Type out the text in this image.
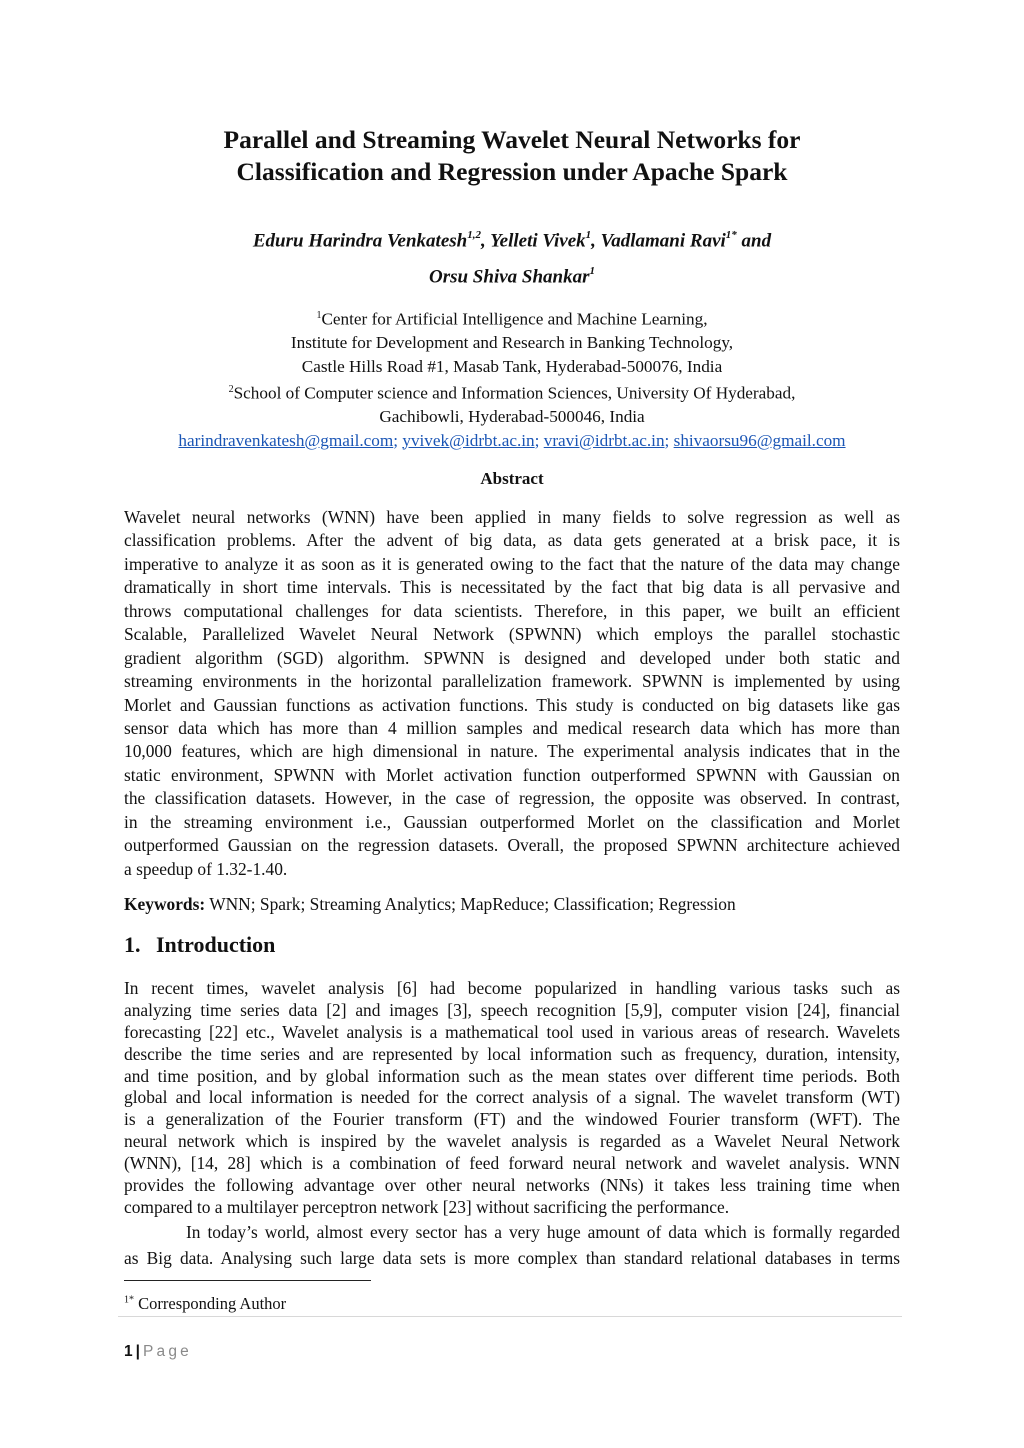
Parallel and Streaming Wavelet Neural Networks for
Classification and Regression under Apache Spark
Eduru Harindra Venkatesh$^{1,2}$, Yelleti Vivek$^1$, Vadlamani Ravi$^{1*}$ and
Orsu Shiva Shankar$^1$
$^1$Center for Artificial Intelligence and Machine Learning,
Institute for Development and Research in Banking Technology,
Castle Hills Road #1, Masab Tank, Hyderabad-500076, India
$^2$School of Computer science and Information Sciences, University Of Hyderabad,
Gachibowli, Hyderabad-500046, India
harindravenkatesh@gmail.com; yvivek@idrbt.ac.in; vravi@idrbt.ac.in; shivaorsu96@gmail.com
Abstract
Wavelet neural networks (WNN) have been applied in many fields to solve regression as well as
classification problems. After the advent of big data, as data gets generated at a brisk pace, it is
imperative to analyze it as soon as it is generated owing to the fact that the nature of the data may change
dramatically in short time intervals. This is necessitated by the fact that big data is all pervasive and
throws computational challenges for data scientists. Therefore, in this paper, we built an efficient
Scalable, Parallelized Wavelet Neural Network (SPWNN) which employs the parallel stochastic
gradient algorithm (SGD) algorithm. SPWNN is designed and developed under both static and
streaming environments in the horizontal parallelization framework. SPWNN is implemented by using
Morlet and Gaussian functions as activation functions. This study is conducted on big datasets like gas
sensor data which has more than 4 million samples and medical research data which has more than
10,000 features, which are high dimensional in nature. The experimental analysis indicates that in the
static environment, SPWNN with Morlet activation function outperformed SPWNN with Gaussian on
the classification datasets. However, in the case of regression, the opposite was observed. In contrast,
in the streaming environment i.e., Gaussian outperformed Morlet on the classification and Morlet
outperformed Gaussian on the regression datasets. Overall, the proposed SPWNN architecture achieved
a speedup of 1.32-1.40.
Keywords: WNN; Spark; Streaming Analytics; MapReduce; Classification; Regression
1. Introduction
In recent times, wavelet analysis [6] had become popularized in handling various tasks such as
analyzing time series data [2] and images [3], speech recognition [5,9], computer vision [24], financial
forecasting [22] etc., Wavelet analysis is a mathematical tool used in various areas of research. Wavelets
describe the time series and are represented by local information such as frequency, duration, intensity,
and time position, and by global information such as the mean states over different time periods. Both
global and local information is needed for the correct analysis of a signal. The wavelet transform (WT)
is a generalization of the Fourier transform (FT) and the windowed Fourier transform (WFT). The
neural network which is inspired by the wavelet analysis is regarded as a Wavelet Neural Network
(WNN), [14, 28] which is a combination of feed forward neural network and wavelet analysis. WNN
provides the following advantage over other neural networks (NNs) it takes less training time when
compared to a multilayer perceptron network [23] without sacrificing the performance.
In today’s world, almost every sector has a very huge amount of data which is formally regarded
as Big data. Analysing such large data sets is more complex than standard relational databases in terms
$^{1*}$ Corresponding Author
1 | Page
